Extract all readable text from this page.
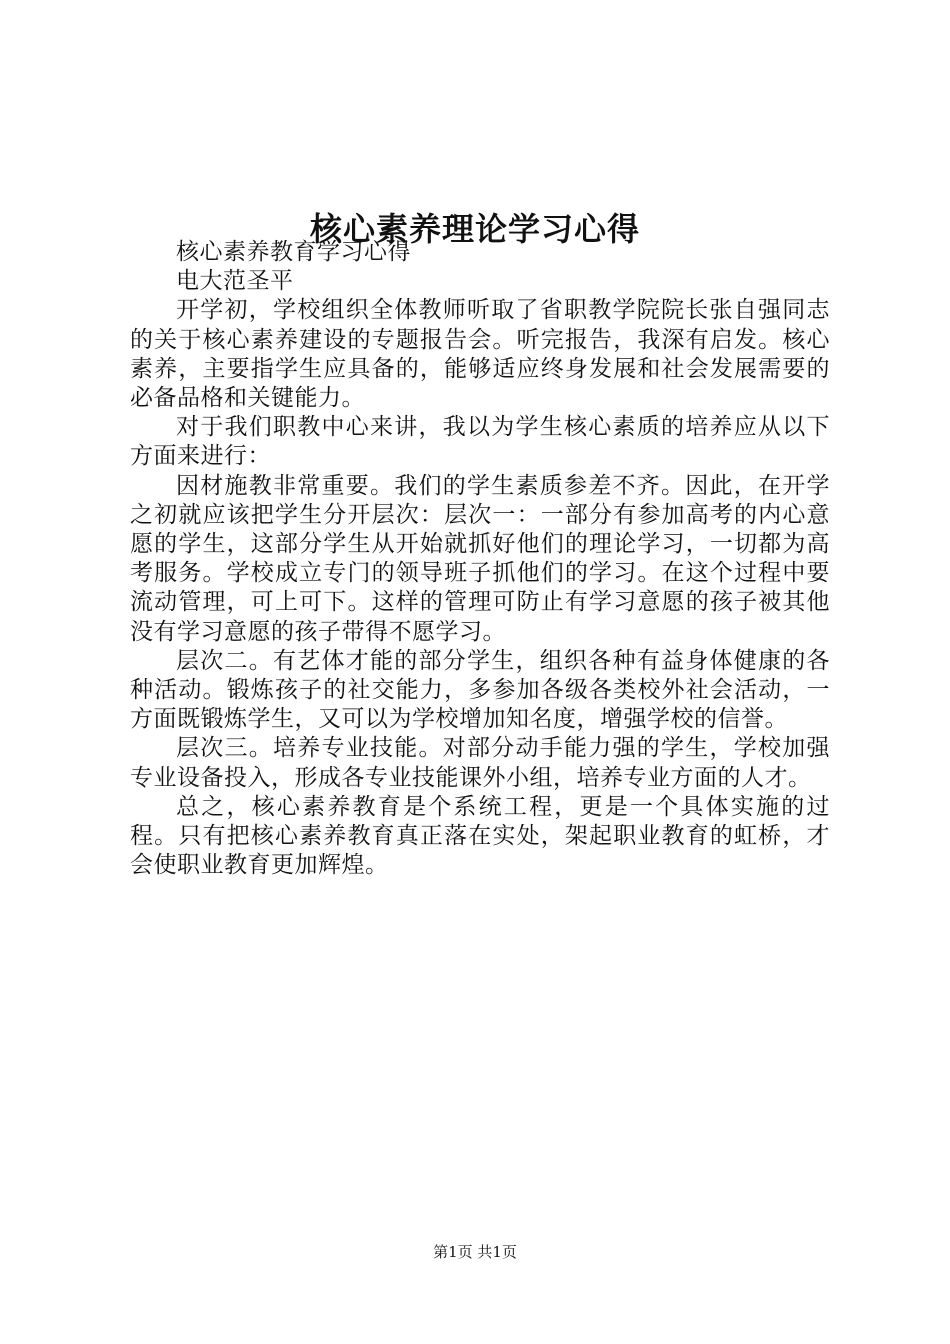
核心素养理论学习心得

核心素养教育学习心得

电大范圣平

开学初，学校组织全体教师听取了省职教学院院长张自强同志的关于核心素养建设的专题报告会。听完报告，我深有启发。核心素养，主要指学生应具备的，能够适应终身发展和社会发展需要的必备品格和关键能力。

对于我们职教中心来讲，我以为学生核心素质的培养应从以下方面来进行：

因材施教非常重要。我们的学生素质参差不齐。因此，在开学之初就应该把学生分开层次：层次一：一部分有参加高考的内心意愿的学生，这部分学生从开始就抓好他们的理论学习，一切都为高考服务。学校成立专门的领导班子抓他们的学习。在这个过程中要流动管理，可上可下。这样的管理可防止有学习意愿的孩子被其他没有学习意愿的孩子带得不愿学习。

层次二。有艺体才能的部分学生，组织各种有益身体健康的各种活动。锻炼孩子的社交能力，多参加各级各类校外社会活动，一方面既锻炼学生，又可以为学校增加知名度，增强学校的信誉。

层次三。培养专业技能。对部分动手能力强的学生，学校加强专业设备投入，形成各专业技能课外小组，培养专业方面的人才。

总之，核心素养教育是个系统工程，更是一个具体实施的过程。只有把核心素养教育真正落在实处，架起职业教育的虹桥，才会使职业教育更加辉煌。

第1页 共1页
